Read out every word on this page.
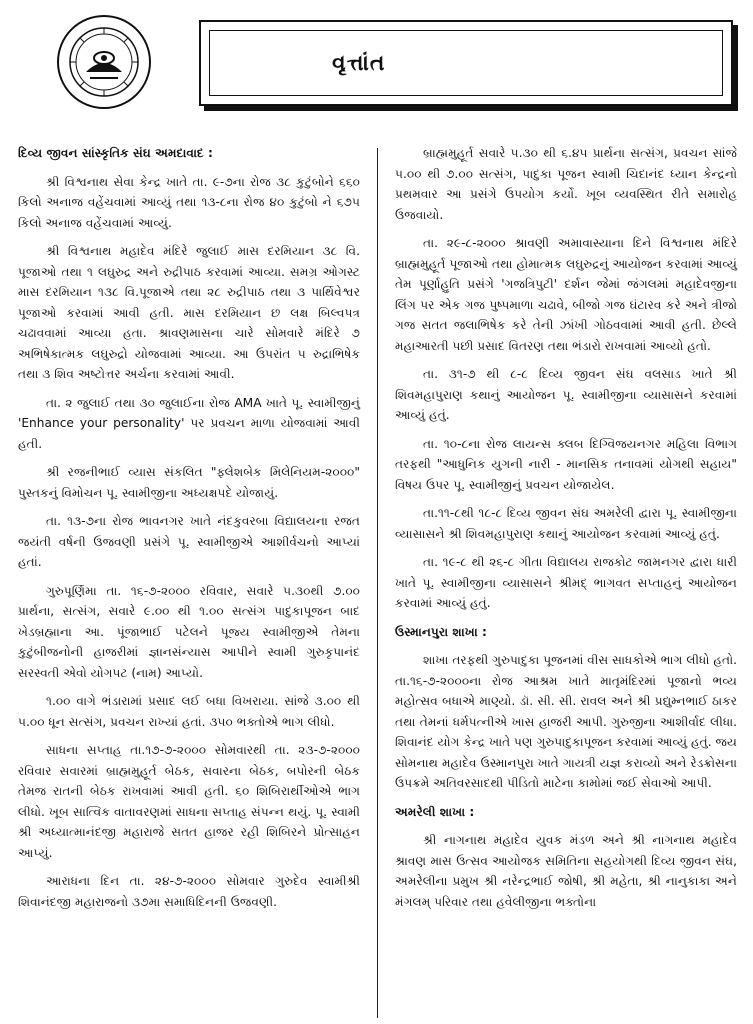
વૃત્તાંત

દિવ્ય જીવન સાંસ્કૃતિક સંઘ અમદાવાદ :

શ્રી વિશ્વનાથ સેવા કેન્દ્ર ખાતે તા. ૯-૭ના રોજ ૩૮ કુટુંબોને ૬૬૦ કિલો અનાજ વહેંચવામાં આવ્યું તથા ૧૩-૮ના રોજ ૪૦ કુટુંબો ને ૬૭૫ કિલો અનાજ વહેંચવામાં આવ્યું.

શ્રી વિશ્વનાથ મહાદેવ મંદિરે જુલાઈ માસ દરમિયાન ૩૮ વિ. પૂજાઓ તથા ૧ લઘુરુદ્ર અને રુદ્રીપાઠ કરવામાં આવ્યા. સમગ્ર ઓગસ્ટ માસ દરમિયાન ૧૩૮ વિ.પૂજાએ તથા ૨૮ રુદ્રીપાઠ તથા ૩ પાર્થિવેશ્વર પૂજાઓ કરવામાં આવી હતી. માસ દરમિયાન છ લક્ષ બિલ્વપત્ર ચઢાવવામાં આવ્યા હતા. શ્રાવણમાસના ચારે સોમવારે મંદિરે ૭ અભિષેકાત્મક લઘુરુદ્રો યોજવામાં આવ્યા. આ ઉપરાંત ૫ રુદ્રાભિષેક તથા ૩ શિવ અષ્ટોત્તર અર્ચના કરવામાં આવી.

તા. ૨ જુલાઈ તથા ૩૦ જુલાઈના રોજ AMA ખાતે પૂ. સ્વામીજીનું 'Enhance your personality' પર પ્રવચન માળા યોજવામાં આવી હતી.

શ્રી રજનીભાઈ વ્યાસ સંકલિત "ફ્લેશબેક મિલેનિયમ-૨૦૦૦" પુસ્તકનું વિમોચન પૂ. સ્વામીજીના અધ્યક્ષપદે યોજાયું.

તા. ૧૩-૭ના રોજ ભાવનગર ખાતે નંદકુવરબા વિદ્યાલયના રજત જયંતી વર્ષની ઉજવણી પ્રસંગે પૂ. સ્વામીજીએ આશીર્વચનો આપ્યાં હતાં.

ગુરુપૂર્ણિમા તા. ૧૬-૭-૨૦૦૦ રવિવાર, સવારે ૫.૩૦થી ૭.૦૦ પ્રાર્થના, સત્સંગ, સવારે ૯.૦૦ થી ૧.૦૦ સત્સંગ પાદુકાપૂજન બાદ ખેડબ્રહ્માના આ. પૂંજાભાઈ પટેલને પૂજ્ય સ્વામીજીએ તેમના કુટુંબીજનોની હાજરીમાં જ્ઞાનસંન્યાસ આપીને સ્વામી ગુરુકૃપાનંદ સરસ્વતી એવો યોગપટ (નામ) આપ્યો.

૧.૦૦ વાગે ભંડારામાં પ્રસાદ લઈ બધા વિખરાયા. સાંજે ૩.૦૦ થી ૫.૦૦ ધૂન સત્સંગ, પ્રવચન રાખ્યાં હતાં. ૩૫૦ ભક્તોએ ભાગ લીધો.

સાધના સપ્તાહ તા.૧૭-૭-૨૦૦૦ સોમવારથી તા. ૨૩-૭-૨૦૦૦ રવિવાર સવારમાં બ્રાહ્મમુહૂર્ત બેઠક, સવારના બેઠક, બપોરની બેઠક તેમજ રાતની બેઠક રાખવામાં આવી હતી. ૬૦ શિબિરાર્થીઓએ ભાગ લીધો. ખૂબ સાત્વિક વાતાવરણમાં સાધના સપ્તાહ સંપન્ન થયું. પૂ. સ્વામી શ્રી અધ્યાત્માનંદજી મહારાજે સતત હાજર રહી શિબિરને પ્રોત્સાહન આપ્યું.

આરાધના દિન તા. ૨૪-૭-૨૦૦૦ સોમવાર ગુરુદેવ સ્વામીશ્રી શિવાનંદજી મહારાજનો ૩૭મા સમાધિદિનની ઉજવણી.

બ્રાહ્મમુહૂર્ત સવારે ૫.૩૦ થી ૬.૪૫ પ્રાર્થના સત્સંગ, પ્રવચન સાંજે ૫.૦૦ થી ૭.૦૦ સત્સંગ, પાદુકા પૂજન સ્વામી ચિદાનંદ ધ્યાન કેન્દ્રનો પ્રથમવાર આ પ્રસંગે ઉપયોગ કર્યો. ખૂબ વ્યવસ્થિત રીતે સમારોહ ઉજવાયો.

તા. ૨૯-૮-૨૦૦૦ શ્રાવણી અમાવાસ્યાના દિને વિશ્વનાથ મંદિરે બ્રાહ્મમુહૂર્ત પૂજાઓ તથા હોમાત્મક લઘુરુદ્રનું આયોજન કરવામાં આવ્યું તેમ પૂર્ણાહુતિ પ્રસંગે 'ગજત્રિપુટી' દર્શન જેમાં જંગલમાં મહાદેવજીના લિંગ પર એક ગજ પુષ્પમાળા ચઢાવે, બીજો ગજ ઘંટારવ કરે અને ત્રીજો ગજ સતત જલાભિષેક કરે તેની ઝાંખી ગોઠવવામાં આવી હતી. છેલ્લે મહાઆરતી પછી પ્રસાદ વિતરણ તથા ભંડારો રાખવામાં આવ્યો હતો.

તા. ૩૧-૭ થી ૮-૮ દિવ્ય જીવન સંઘ વલસાડ ખાતે શ્રી શિવમહાપુરાણ કથાનું આયોજન પૂ. સ્વામીજીના વ્યાસાસને કરવામાં આવ્યું હતું.

તા. ૧૦-૮ના રોજ લાયન્સ ક્લબ દિગ્વિજયનગર મહિલા વિભાગ તરફથી "આધુનિક યુગની નારી - માનસિક તનાવમાં યોગથી સહાય" વિષય ઉપર પૂ. સ્વામીજીનું પ્રવચન યોજાયેલ.

તા.૧૧-૮થી ૧૮-૮ દિવ્ય જીવન સંઘ અમરેલી દ્વારા પૂ. સ્વામીજીના વ્યાસાસને શ્રી શિવમહાપુરાણ કથાનું આયોજન કરવામાં આવ્યું હતું.

તા. ૧૯-૮ થી ૨૬-૮ ગીતા વિદ્યાલય રાજકોટ જામનગર દ્વારા ધારી ખાતે પૂ. સ્વામીજીના વ્યાસાસને શ્રીમદ્ ભાગવત સપ્તાહનું આયોજન કરવામાં આવ્યું હતું.

ઉસ્માનપુરા શાખા :

શાખા તરફથી ગુરુપાદુકા પૂજનમાં વીસ સાધકોએ ભાગ લીધો હતો. તા.૧૬-૭-૨૦૦૦ના રોજ આશ્રમ ખાતે માતૃમંદિરમાં પૂજાનો ભવ્ય મહોત્સવ બધાએ માણ્યો. ડૉ. સી. સી. રાવલ અને શ્રી પ્રદ્યુમ્નભાઈ ઠાકર તથા તેમનાં ધર્મપત્નીએ ખાસ હાજરી આપી. ગુરુજીના આશીર્વાદ લીધા. શિવાનંદ યોગ કેન્દ્ર ખાતે પણ ગુરુપાદુકાપૂજન કરવામાં આવ્યું હતું. જય સોમનાથ મહાદેવ ઉસ્માનપુરા ખાતે ગાયત્રી યજ્ઞ કરાવ્યો અને રેડક્રોસના ઉપક્રમે અતિવરસાદથી પીડિતો માટેના કામોમાં જઈ સેવાઓ આપી.

અમરેલી શાખા :

શ્રી નાગનાથ મહાદેવ યુવક મંડળ અને શ્રી નાગનાથ મહાદેવ શ્રાવણ માસ ઉત્સવ આયોજક સમિતિના સહયોગથી દિવ્ય જીવન સંઘ, અમરેલીના પ્રમુખ શ્રી નરેન્દ્રભાઈ જોષી, શ્રી મહેતા, શ્રી નાનુકાકા અને મંગલમ્ પરિવાર તથા હવેલીજીના ભક્તોના
